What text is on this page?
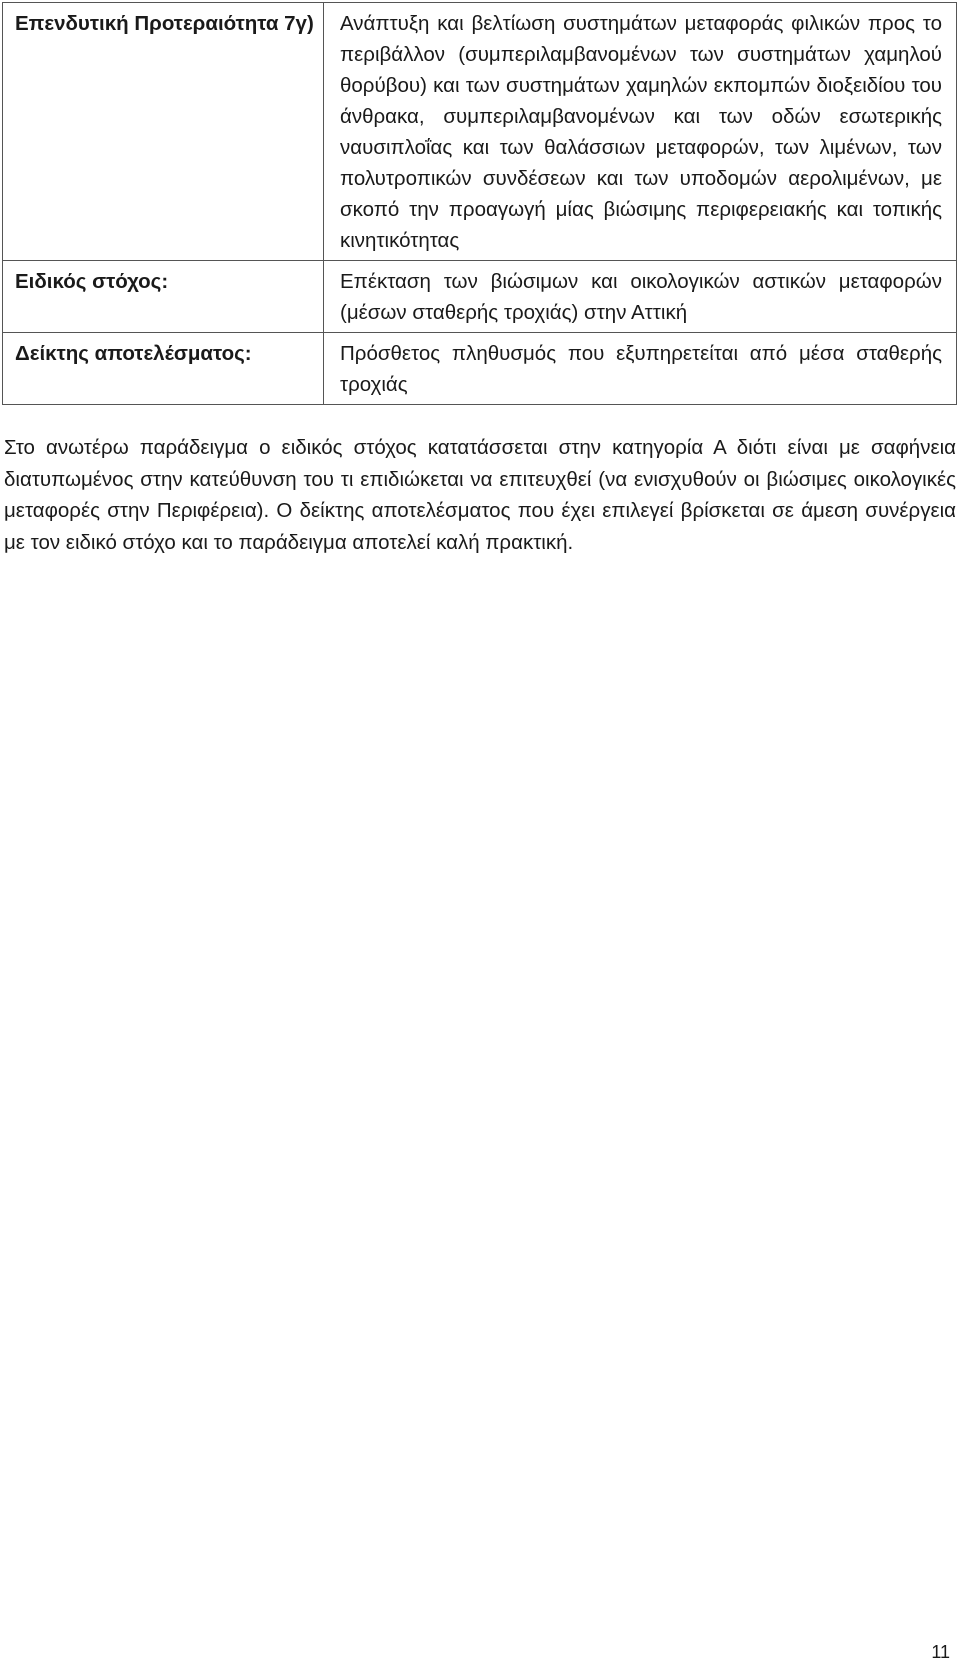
Επενδυτική Προτεραιότητα 7γ)	Ανάπτυξη και βελτίωση συστημάτων μεταφοράς φιλικών προς το περιβάλλον (συμπεριλαμβανομένων των συστημάτων χαμηλού θορύβου) και των συστημάτων χαμηλών εκπομπών διοξειδίου του άνθρακα, συμπεριλαμβανομένων και των οδών εσωτερικής ναυσιπλοΐας και των θαλάσσιων μεταφορών, των λιμένων, των πολυτροπικών συνδέσεων και των υποδομών αερολιμένων, με σκοπό την προαγωγή μίας βιώσιμης περιφερειακής και τοπικής κινητικότητας
Ειδικός στόχος:	Επέκταση των βιώσιμων και οικολογικών αστικών μεταφορών (μέσων σταθερής τροχιάς) στην Αττική
Δείκτης αποτελέσματος:	Πρόσθετος πληθυσμός που εξυπηρετείται από μέσα σταθερής τροχιάς

Στο ανωτέρω παράδειγμα ο ειδικός στόχος κατατάσσεται στην κατηγορία Α διότι είναι με σαφήνεια διατυπωμένος στην κατεύθυνση του τι επιδιώκεται να επιτευχθεί (να ενισχυθούν οι βιώσιμες οικολογικές μεταφορές στην Περιφέρεια). Ο δείκτης αποτελέσματος που έχει επιλεγεί βρίσκεται σε άμεση συνέργεια με τον ειδικό στόχο και το παράδειγμα αποτελεί καλή πρακτική.

11
